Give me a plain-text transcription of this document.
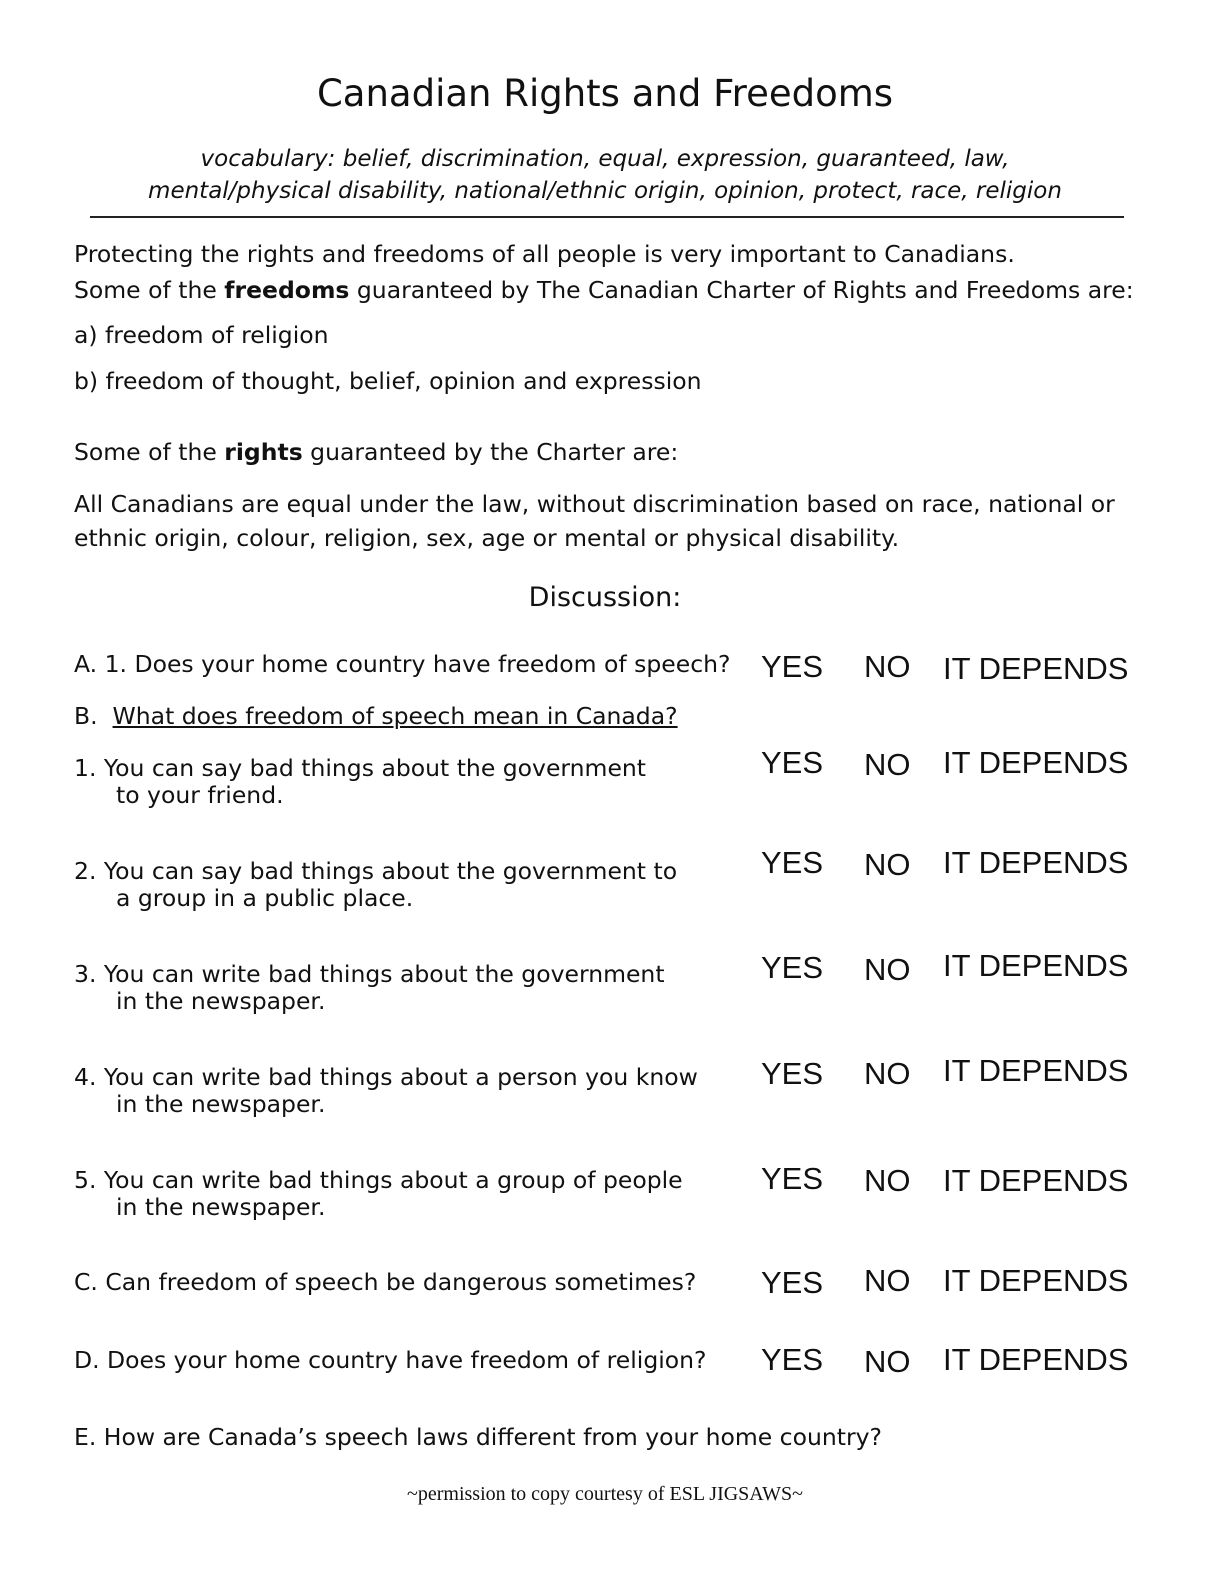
Canadian Rights and Freedoms
vocabulary: belief, discrimination, equal, expression, guaranteed, law,
mental/physical disability, national/ethnic origin, opinion, protect, race, religion
Protecting the rights and freedoms of all people is very important to Canadians.
Some of the freedoms guaranteed by The Canadian Charter of Rights and Freedoms are:
a) freedom of religion
b) freedom of thought, belief, opinion and expression
Some of the rights guaranteed by the Charter are:
All Canadians are equal under the law, without discrimination based on race, national or
ethnic origin, colour, religion, sex, age or mental or physical disability.
Discussion:
A. 1. Does your home country have freedom of speech? YES NO IT DEPENDS
B. What does freedom of speech mean in Canada?
1. You can say bad things about the government
to your friend.
YES NO IT DEPENDS
2. You can say bad things about the government to
a group in a public place.
YES NO IT DEPENDS
3. You can write bad things about the government
in the newspaper.
YES NO IT DEPENDS
4. You can write bad things about a person you know
in the newspaper.
YES NO IT DEPENDS
5. You can write bad things about a group of people
in the newspaper.
YES NO IT DEPENDS
C. Can freedom of speech be dangerous sometimes? YES NO IT DEPENDS
D. Does your home country have freedom of religion? YES NO IT DEPENDS
E. How are Canada’s speech laws different from your home country?
~permission to copy courtesy of ESL JIGSAWS~
